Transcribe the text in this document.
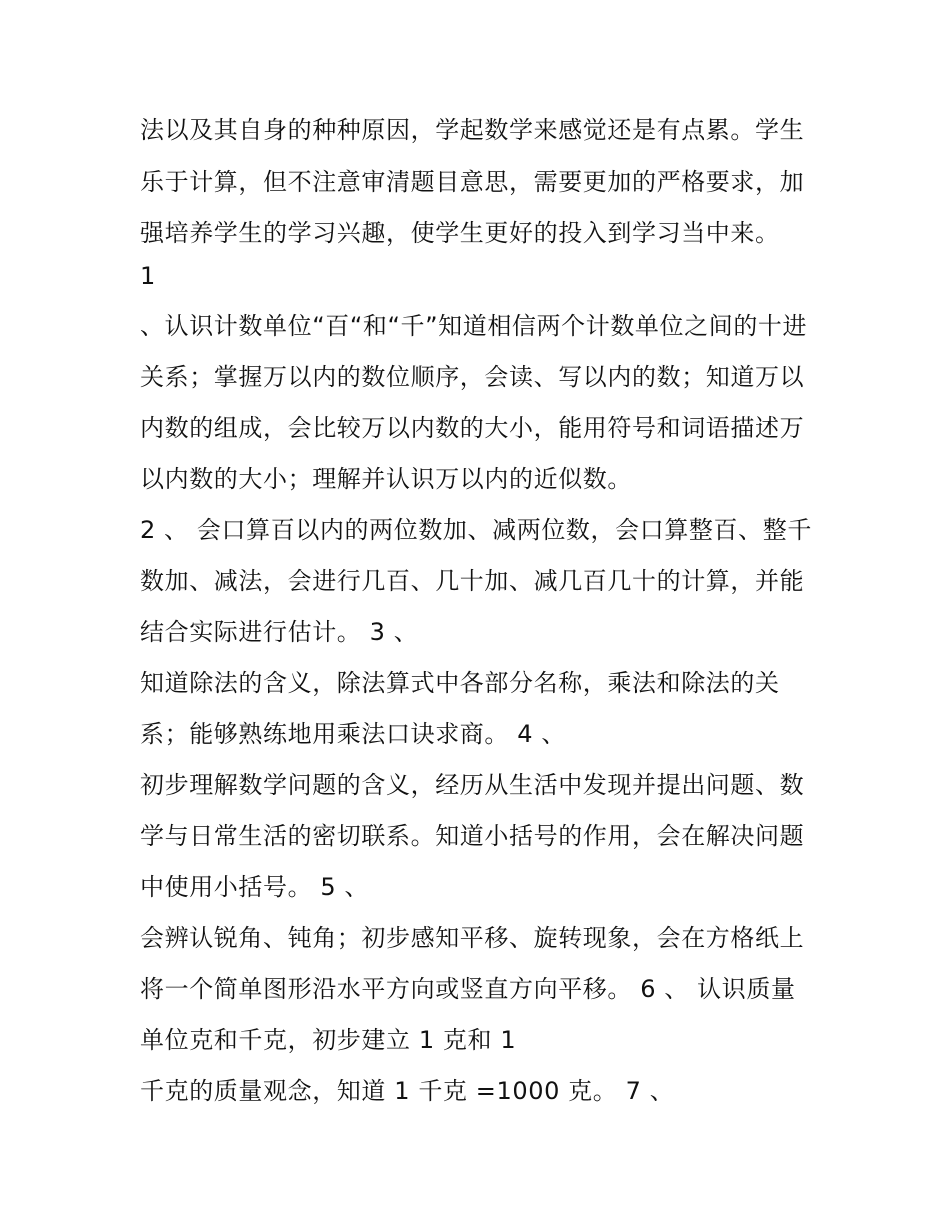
法以及其自身的种种原因，学起数学来感觉还是有点累。学生
乐于计算，但不注意审清题目意思，需要更加的严格要求，加
强培养学生的学习兴趣，使学生更好的投入到学习当中来。
1
、认识计数单位“百“和“千”知道相信两个计数单位之间的十进
关系；掌握万以内的数位顺序，会读、写以内的数；知道万以
内数的组成，会比较万以内数的大小，能用符号和词语描述万
以内数的大小；理解并认识万以内的近似数。
2 、 会口算百以内的两位数加、减两位数，会口算整百、整千
数加、减法，会进行几百、几十加、减几百几十的计算，并能
结合实际进行估计。 3 、
知道除法的含义，除法算式中各部分名称，乘法和除法的关
系；能够熟练地用乘法口诀求商。 4 、
初步理解数学问题的含义，经历从生活中发现并提出问题、数
学与日常生活的密切联系。知道小括号的作用，会在解决问题
中使用小括号。 5 、
会辨认锐角、钝角；初步感知平移、旋转现象，会在方格纸上
将一个简单图形沿水平方向或竖直方向平移。 6 、 认识质量
单位克和千克，初步建立 1 克和 1
千克的质量观念，知道 1 千克 =1000 克。 7 、
